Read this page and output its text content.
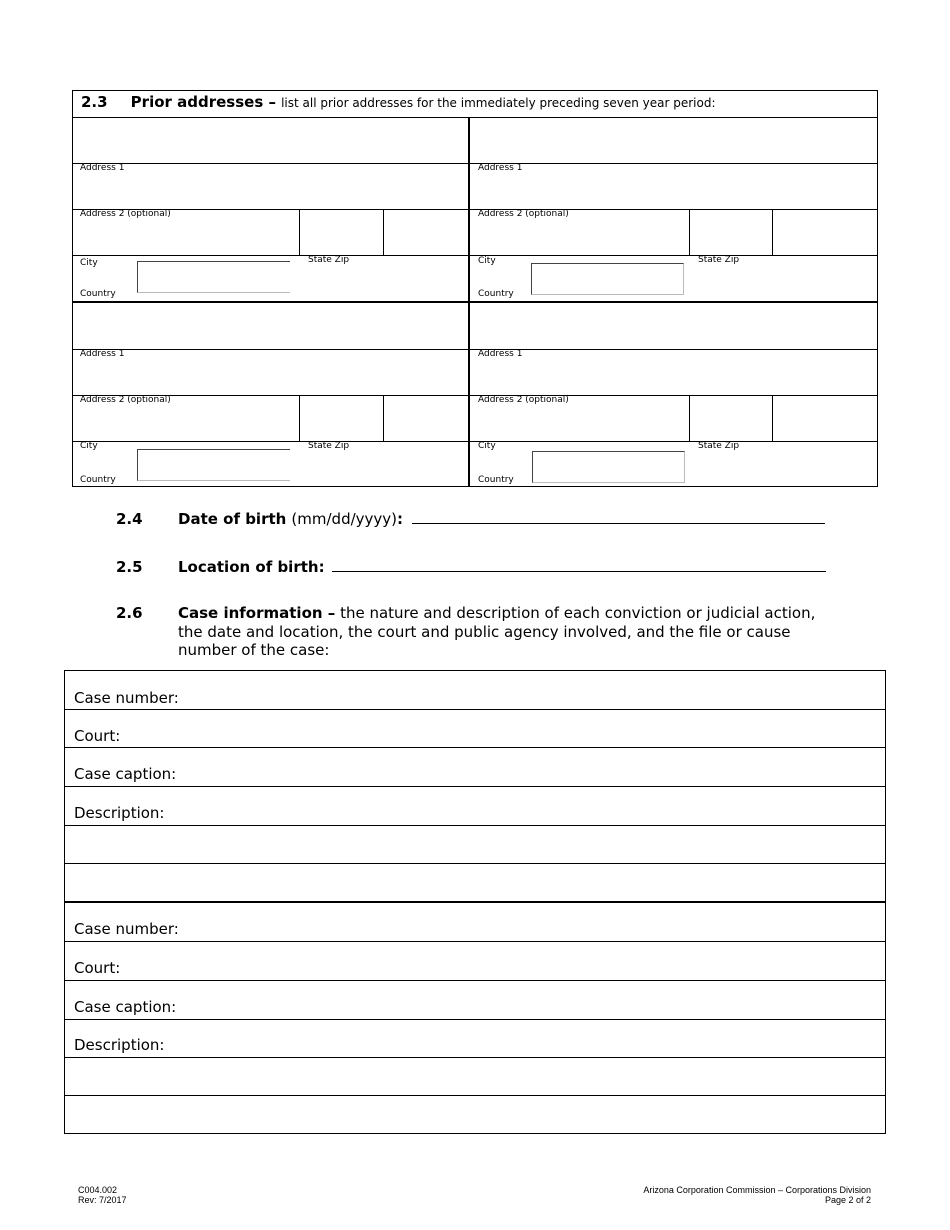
2.3 Prior addresses – list all prior addresses for the immediately preceding seven year period:
Address 1
Address 2 (optional)
City	State Zip
Country
Address 1
Address 2 (optional)
City	State Zip
Country
Address 1
Address 2 (optional)
City	State Zip
Country
Address 1
Address 2 (optional)
City	State Zip
Country
2.4 Date of birth (mm/dd/yyyy):
2.5 Location of birth:
2.6 Case information – the nature and description of each conviction or judicial action,
the date and location, the court and public agency involved, and the file or cause
number of the case:
Case number:
Court:
Case caption:
Description:
Case number:
Court:
Case caption:
Description:
C004.002
Rev: 7/2017
Arizona Corporation Commission – Corporations Division
Page 2 of 2
